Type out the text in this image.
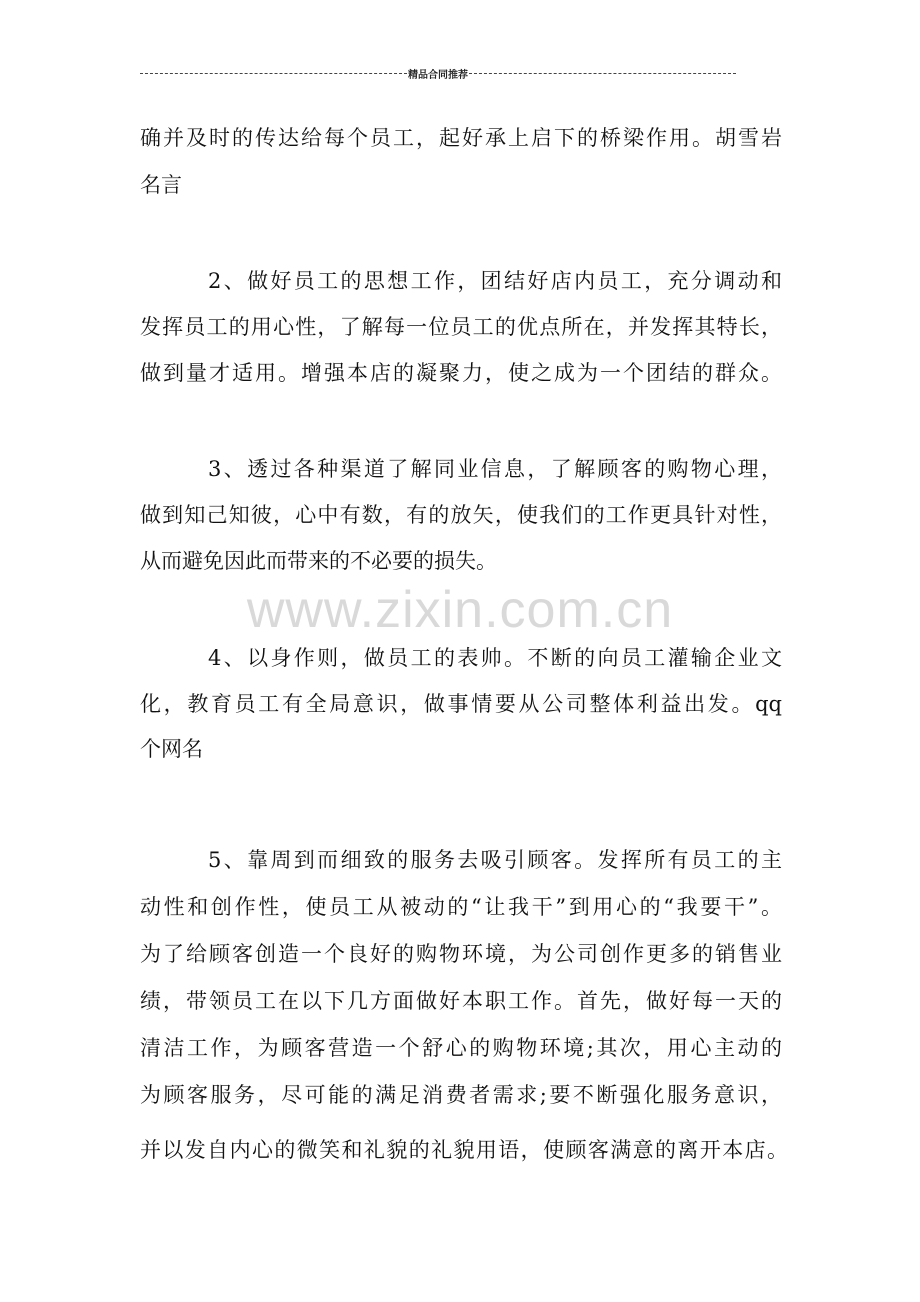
精品合同推荐
www.zixin.com.cn
确并及时的传达给每个员工，起好承上启下的桥梁作用。胡雪岩
名言
2、做好员工的思想工作，团结好店内员工，充分调动和
发挥员工的用心性，了解每一位员工的优点所在，并发挥其特长，
做到量才适用。增强本店的凝聚力，使之成为一个团结的群众。
3、透过各种渠道了解同业信息，了解顾客的购物心理，
做到知己知彼，心中有数，有的放矢，使我们的工作更具针对性，
从而避免因此而带来的不必要的损失。
4、以身作则，做员工的表帅。不断的向员工灌输企业文
化，教育员工有全局意识，做事情要从公司整体利益出发。qq
个网名
5、靠周到而细致的服务去吸引顾客。发挥所有员工的主
动性和创作性，使员工从被动的“让我干”到用心的“我要干”。
为了给顾客创造一个良好的购物环境，为公司创作更多的销售业
绩，带领员工在以下几方面做好本职工作。首先，做好每一天的
清洁工作，为顾客营造一个舒心的购物环境;其次，用心主动的
为顾客服务，尽可能的满足消费者需求;要不断强化服务意识，
并以发自内心的微笑和礼貌的礼貌用语，使顾客满意的离开本店。
